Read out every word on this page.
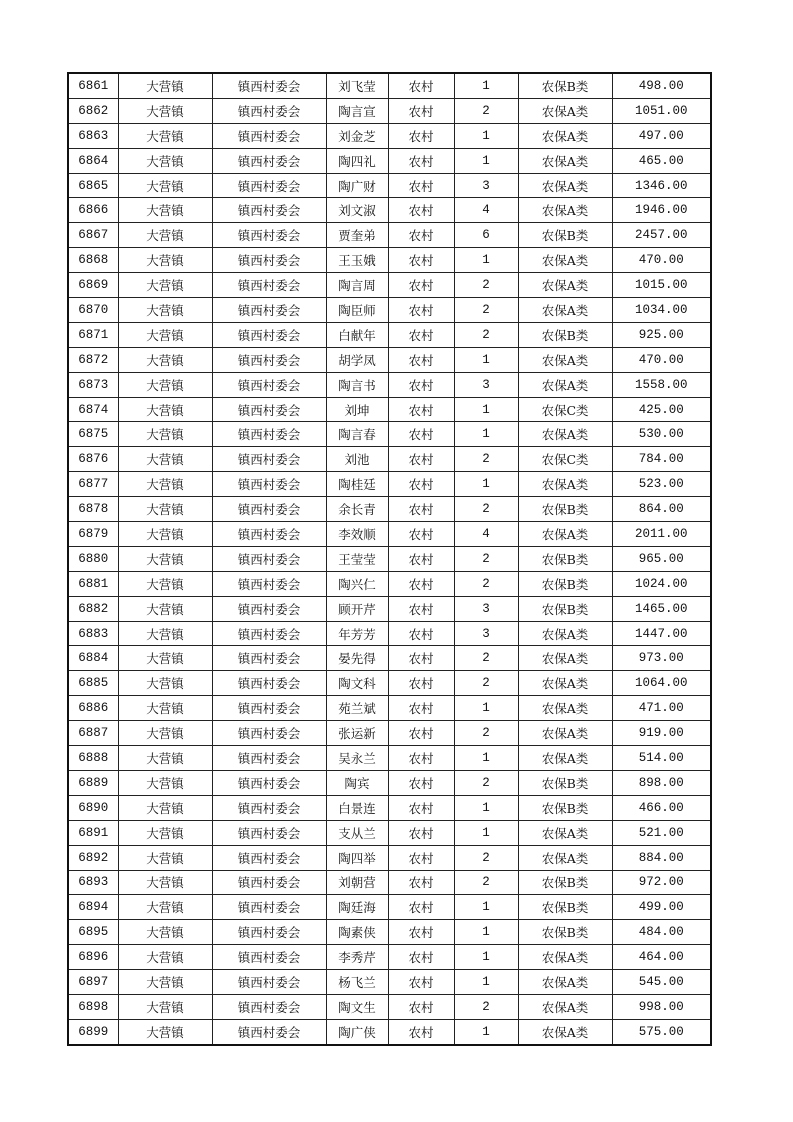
6861	大营镇	镇西村委会	刘飞莹	农村	1	农保B类	498.00
6862	大营镇	镇西村委会	陶言宣	农村	2	农保A类	1051.00
6863	大营镇	镇西村委会	刘金芝	农村	1	农保A类	497.00
6864	大营镇	镇西村委会	陶四礼	农村	1	农保A类	465.00
6865	大营镇	镇西村委会	陶广财	农村	3	农保A类	1346.00
6866	大营镇	镇西村委会	刘文淑	农村	4	农保A类	1946.00
6867	大营镇	镇西村委会	贾奎弟	农村	6	农保B类	2457.00
6868	大营镇	镇西村委会	王玉娥	农村	1	农保A类	470.00
6869	大营镇	镇西村委会	陶言周	农村	2	农保A类	1015.00
6870	大营镇	镇西村委会	陶臣师	农村	2	农保A类	1034.00
6871	大营镇	镇西村委会	白献年	农村	2	农保B类	925.00
6872	大营镇	镇西村委会	胡学凤	农村	1	农保A类	470.00
6873	大营镇	镇西村委会	陶言书	农村	3	农保A类	1558.00
6874	大营镇	镇西村委会	刘坤	农村	1	农保C类	425.00
6875	大营镇	镇西村委会	陶言春	农村	1	农保A类	530.00
6876	大营镇	镇西村委会	刘池	农村	2	农保C类	784.00
6877	大营镇	镇西村委会	陶桂廷	农村	1	农保A类	523.00
6878	大营镇	镇西村委会	余长青	农村	2	农保B类	864.00
6879	大营镇	镇西村委会	李效顺	农村	4	农保A类	2011.00
6880	大营镇	镇西村委会	王莹莹	农村	2	农保B类	965.00
6881	大营镇	镇西村委会	陶兴仁	农村	2	农保B类	1024.00
6882	大营镇	镇西村委会	顾开芹	农村	3	农保B类	1465.00
6883	大营镇	镇西村委会	年芳芳	农村	3	农保A类	1447.00
6884	大营镇	镇西村委会	晏先得	农村	2	农保A类	973.00
6885	大营镇	镇西村委会	陶文科	农村	2	农保A类	1064.00
6886	大营镇	镇西村委会	苑兰斌	农村	1	农保A类	471.00
6887	大营镇	镇西村委会	张运新	农村	2	农保A类	919.00
6888	大营镇	镇西村委会	吴永兰	农村	1	农保A类	514.00
6889	大营镇	镇西村委会	陶宾	农村	2	农保B类	898.00
6890	大营镇	镇西村委会	白景连	农村	1	农保B类	466.00
6891	大营镇	镇西村委会	支从兰	农村	1	农保A类	521.00
6892	大营镇	镇西村委会	陶四举	农村	2	农保A类	884.00
6893	大营镇	镇西村委会	刘朝营	农村	2	农保B类	972.00
6894	大营镇	镇西村委会	陶廷海	农村	1	农保B类	499.00
6895	大营镇	镇西村委会	陶素侠	农村	1	农保B类	484.00
6896	大营镇	镇西村委会	李秀芹	农村	1	农保A类	464.00
6897	大营镇	镇西村委会	杨飞兰	农村	1	农保A类	545.00
6898	大营镇	镇西村委会	陶文生	农村	2	农保A类	998.00
6899	大营镇	镇西村委会	陶广侠	农村	1	农保A类	575.00
